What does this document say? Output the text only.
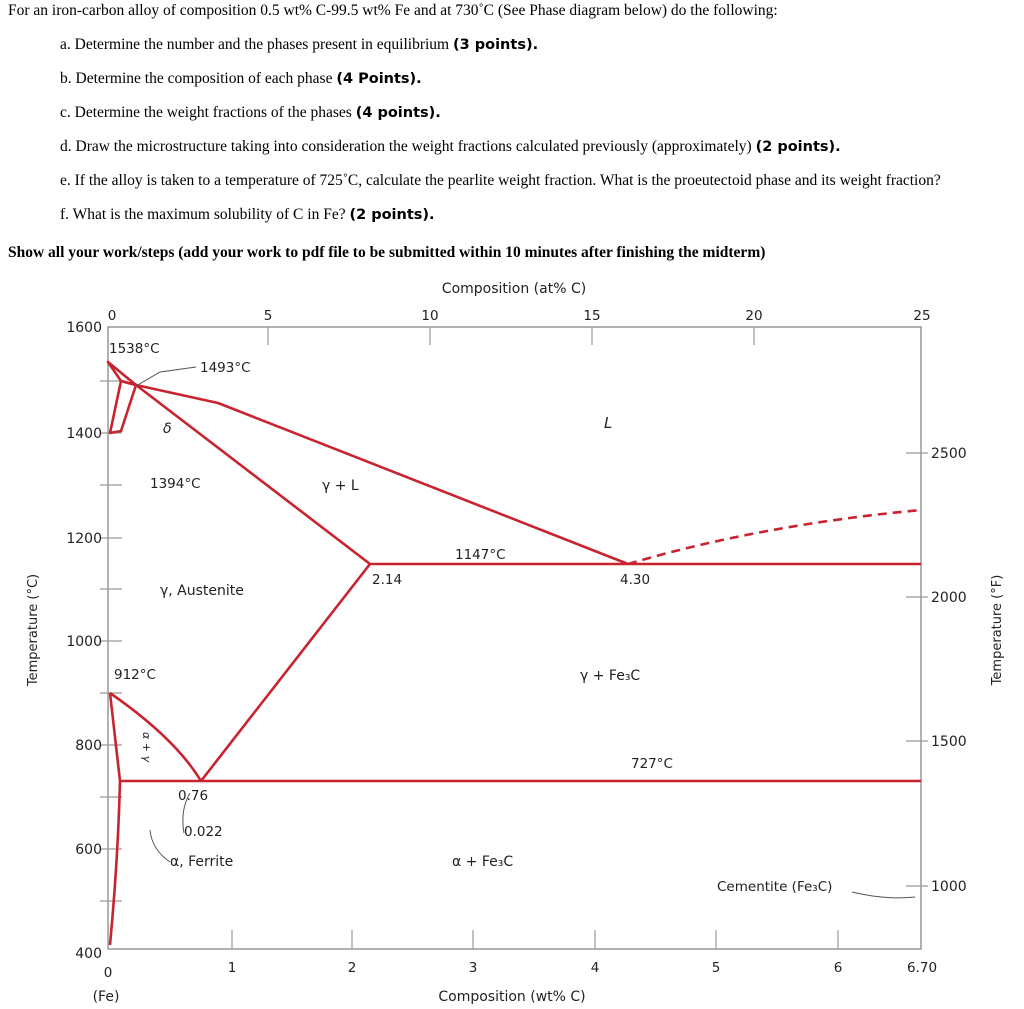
For an iron-carbon alloy of composition 0.5 wt% C-99.5 wt% Fe and at 730˚C (See Phase diagram below) do the following:
a. Determine the number and the phases present in equilibrium (3 points).
b. Determine the composition of each phase (4 Points).
c. Determine the weight fractions of the phases (4 points).
d. Draw the microstructure taking into consideration the weight fractions calculated previously (approximately) (2 points).
e. If the alloy is taken to a temperature of 725˚C, calculate the pearlite weight fraction. What is the proeutectoid phase and its weight fraction?
f. What is the maximum solubility of C in Fe? (2 points).
Show all your work/steps (add your work to pdf file to be submitted within 10 minutes after finishing the midterm)
0	5	10	15	20	25
Composition (at% C)
1600
1400
1200
1000
800
600
400
Temperature (°C)
2500
2000
1500
1000
Temperature (°F)
0	1	2	3	4	5	6	6.70
(Fe)	Composition (wt% C)
1538°C
1493°C
δ
1394°C
L
γ + L
1147°C
2.14	4.30
γ, Austenite
912°C	γ + Fe₃C
α + γ
727°C
0.76
0.022
α, Ferrite	α + Fe₃C
Cementite (Fe₃C)
